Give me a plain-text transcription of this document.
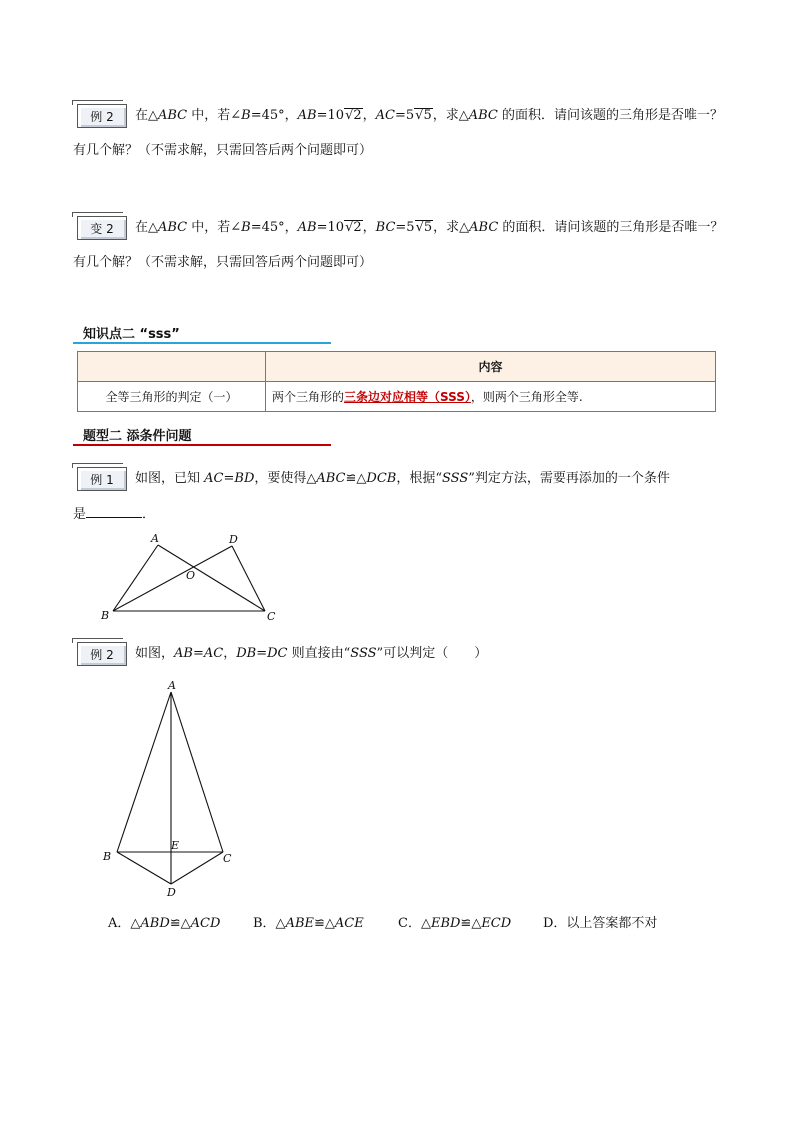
例 2	在△ABC 中，若∠B=45°，AB=10√2，AC=5√5，求△ABC 的面积．请问该题的三角形是否唯一？
有几个解？（不需求解，只需回答后两个问题即可）
变 2	在△ABC 中，若∠B=45°，AB=10√2，BC=5√5，求△ABC 的面积．请问该题的三角形是否唯一？
有几个解？（不需求解，只需回答后两个问题即可）
知识点二 “sss”
	内容
全等三角形的判定（一）	两个三角形的三条边对应相等（SSS），则两个三角形全等.
题型二 添条件问题
例 1	如图，已知 AC=BD，要使得△ABC≌△DCB，根据“SSS”判定方法，需要再添加的一个条件
是	．
A	D
O
B	C
例 2	如图，AB=AC，DB=DC 则直接由“SSS”可以判定（　　）
A
B	C
D
E
A．△ABD≌△ACD	B．△ABE≌△ACE	C．△EBD≌△ECD D．以上答案都不对
